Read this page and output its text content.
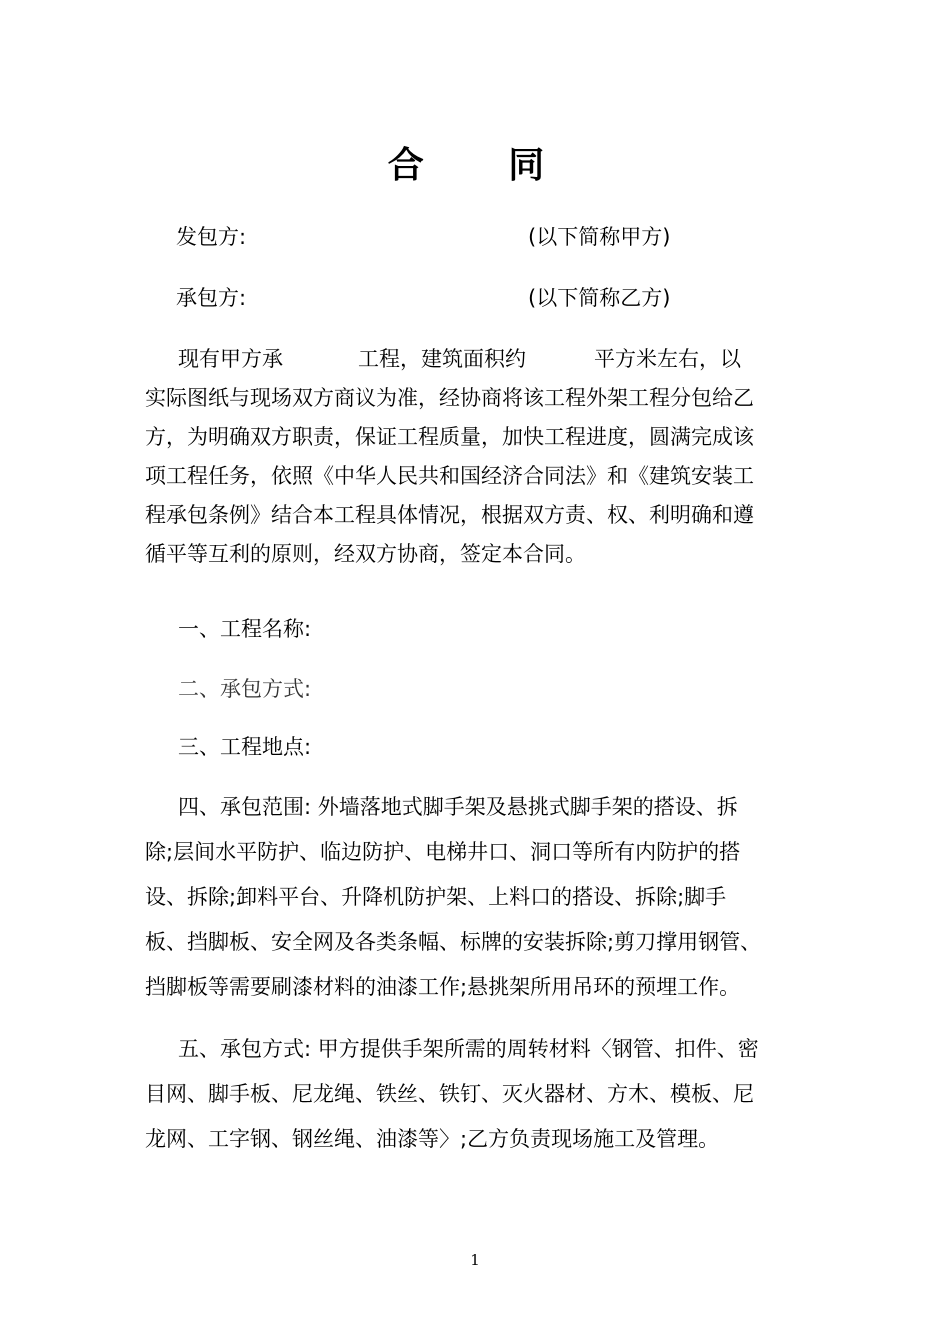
合 同
发包方:	(以下简称甲方)
承包方:	(以下简称乙方)
现有甲方承	工程，建筑面积约	平方米左右，以
实际图纸与现场双方商议为准，经协商将该工程外架工程分包给乙
方，为明确双方职责，保证工程质量，加快工程进度，圆满完成该
项工程任务，依照《中华人民共和国经济合同法》和《建筑安装工
程承包条例》结合本工程具体情况，根据双方责、权、利明确和遵
循平等互利的原则，经双方协商，签定本合同。
一、工程名称:
二、承包方式:
三、工程地点:
四、承包范围: 外墙落地式脚手架及悬挑式脚手架的搭设、拆
除;层间水平防护、临边防护、电梯井口、洞口等所有内防护的搭
设、拆除;卸料平台、升降机防护架、上料口的搭设、拆除;脚手
板、挡脚板、安全网及各类条幅、标牌的安装拆除;剪刀撑用钢管、
挡脚板等需要刷漆材料的油漆工作;悬挑架所用吊环的预埋工作。
五、承包方式: 甲方提供手架所需的周转材料〈钢管、扣件、密
目网、脚手板、尼龙绳、铁丝、铁钉、灭火器材、方木、模板、尼
龙网、工字钢、钢丝绳、油漆等〉;乙方负责现场施工及管理。
1
